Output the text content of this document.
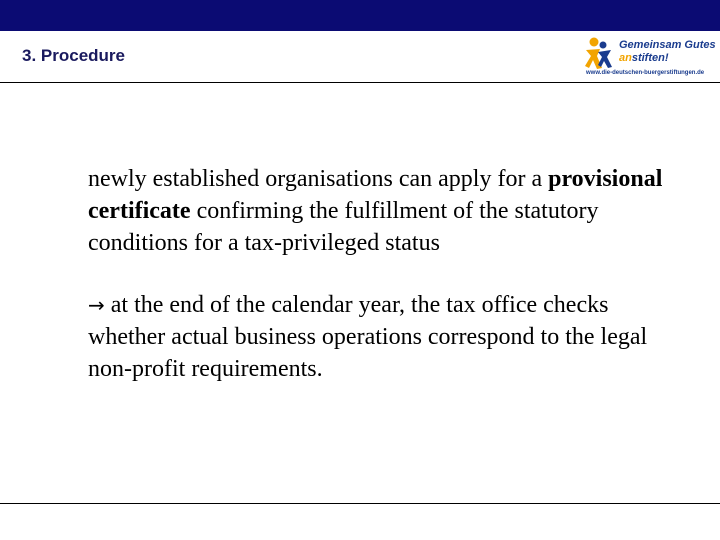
3. Procedure
Gemeinsam Gutes
anstiften!
www.die-deutschen-buergerstiftungen.de

newly established organisations can apply for a provisional certificate confirming the fulfillment of the statutory conditions for a tax-privileged status

→ at the end of the calendar year, the tax office checks whether actual business operations correspond to the legal non-profit requirements.
